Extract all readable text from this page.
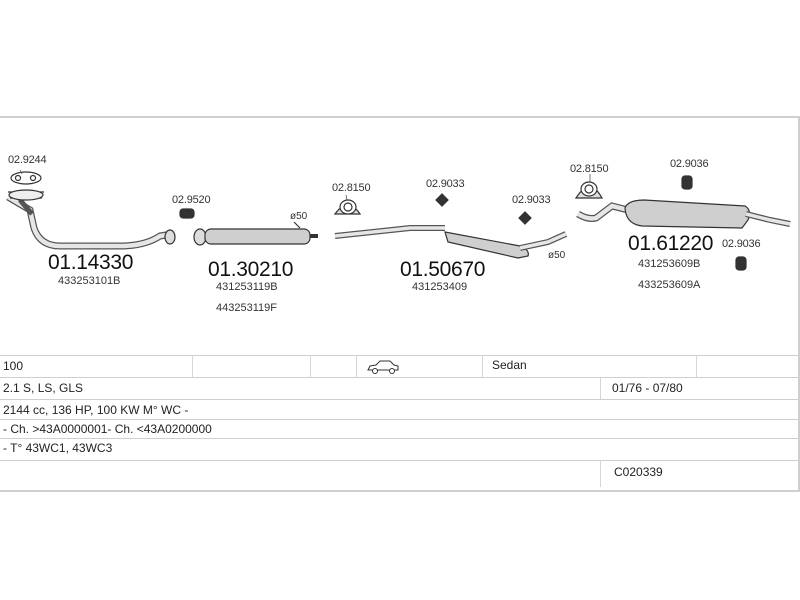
02.9244
01.14330
433253101B
02.9520
ø50
01.30210
431253119B
443253119F
02.8150	02.9033
02.9033
ø50
01.50670
431253409
02.8150	02.9036
02.9036
01.61220
431253609B
433253609A
100	Sedan
2.1 S, LS, GLS	01/76 - 07/80
2144 cc, 136 HP, 100 KW M° WC -
- Ch. >43A0000001- Ch. <43A0200000
- T° 43WC1, 43WC3
C020339
